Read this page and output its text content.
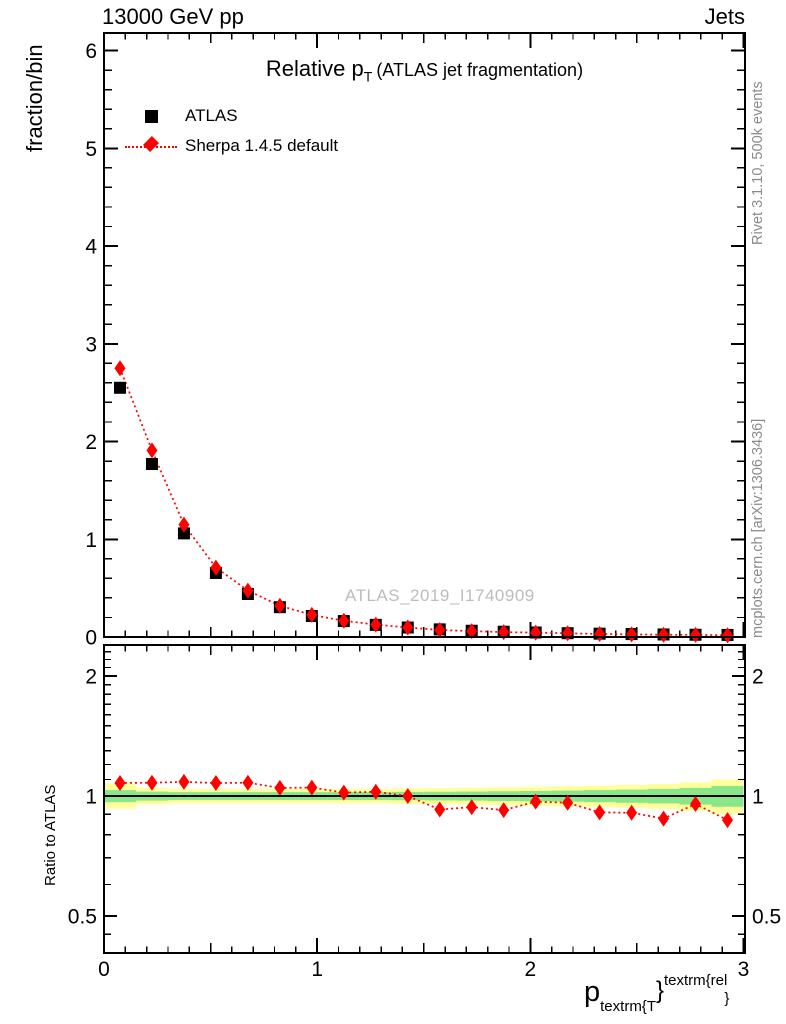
0
1
2
3
4
5
6
0.5	0.5
1	1
2	2
0	1	2	3
13000 GeV pp	Jets
Relative $p_T$ (ATLAS jet fragmentation)
fraction/bin
Ratio to ATLAS
ATLAS
Sherpa 1.4.5 default
ATLAS_2019_I1740909
Rivet 3.1.10, 500k events
mcplots.cern.ch [arXiv:1306.3436]
ptextrm{T}textrm{rel}
